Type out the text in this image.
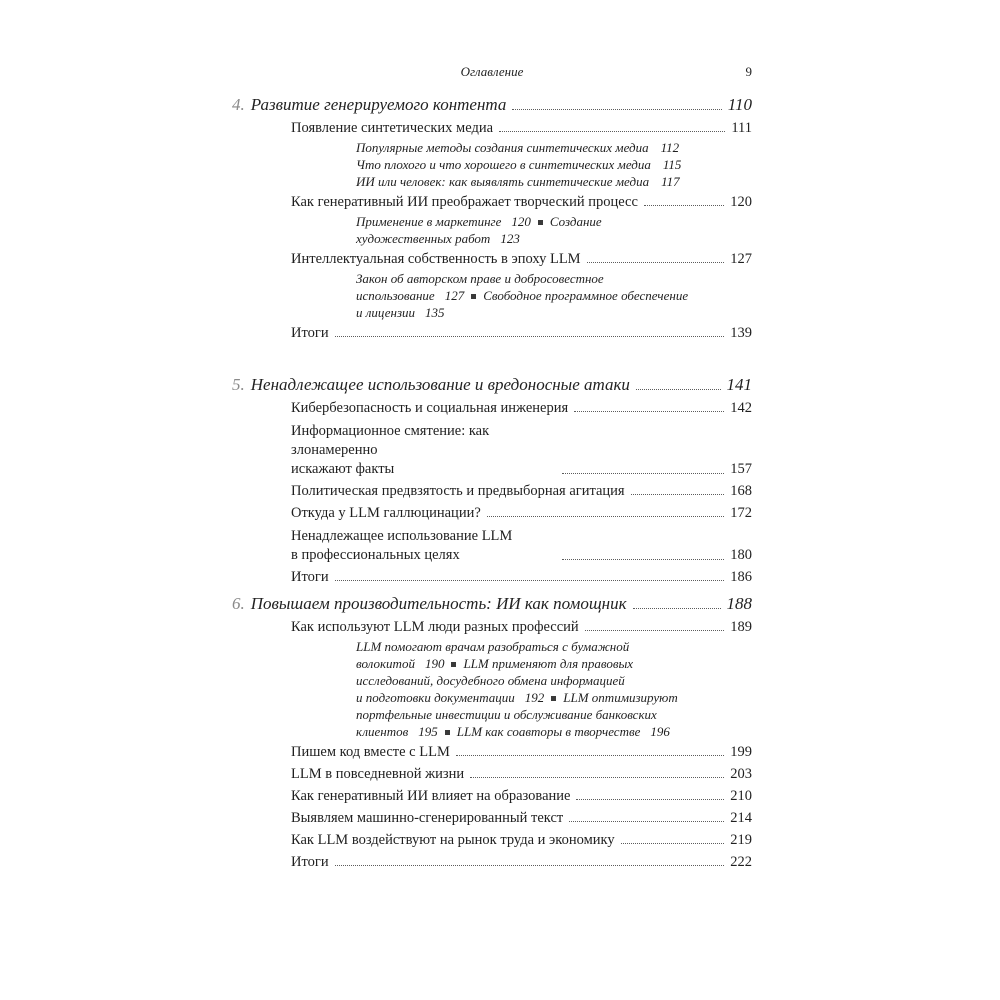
Оглавление	9
4. Развитие генерируемого контента	110
Появление синтетических медиа	111
Популярные методы создания синтетических медиа 112
Что плохого и что хорошего в синтетических медиа 115
ИИ или человек: как выявлять синтетические медиа 117
Как генеративный ИИ преображает творческий процесс	120
Применение в маркетинге 120 Создание
художественных работ 123
Интеллектуальная собственность в эпоху LLM	127
Закон об авторском праве и добросовестное
использование 127 Свободное программное обеспечение
и лицензии 135
Итоги	139
5. Ненадлежащее использование и вредоносные атаки	141
Кибербезопасность и социальная инженерия	142
Информационное смятение: как злонамеренно
искажают факты	157
Политическая предвзятость и предвыборная агитация	168
Откуда у LLM галлюцинации?	172
Ненадлежащее использование LLM
в профессиональных целях	180
Итоги	186
6. Повышаем производительность: ИИ как помощник	188
Как используют LLM люди разных профессий	189
LLM помогают врачам разобраться с бумажной
волокитой 190 LLM применяют для правовых
исследований, досудебного обмена информацией
и подготовки документации 192 LLM оптимизируют
портфельные инвестиции и обслуживание банковских
клиентов 195 LLM как соавторы в творчестве 196
Пишем код вместе с LLM	199
LLM в повседневной жизни	203
Как генеративный ИИ влияет на образование	210
Выявляем машинно-сгенерированный текст	214
Как LLM воздействуют на рынок труда и экономику	219
Итоги	222
